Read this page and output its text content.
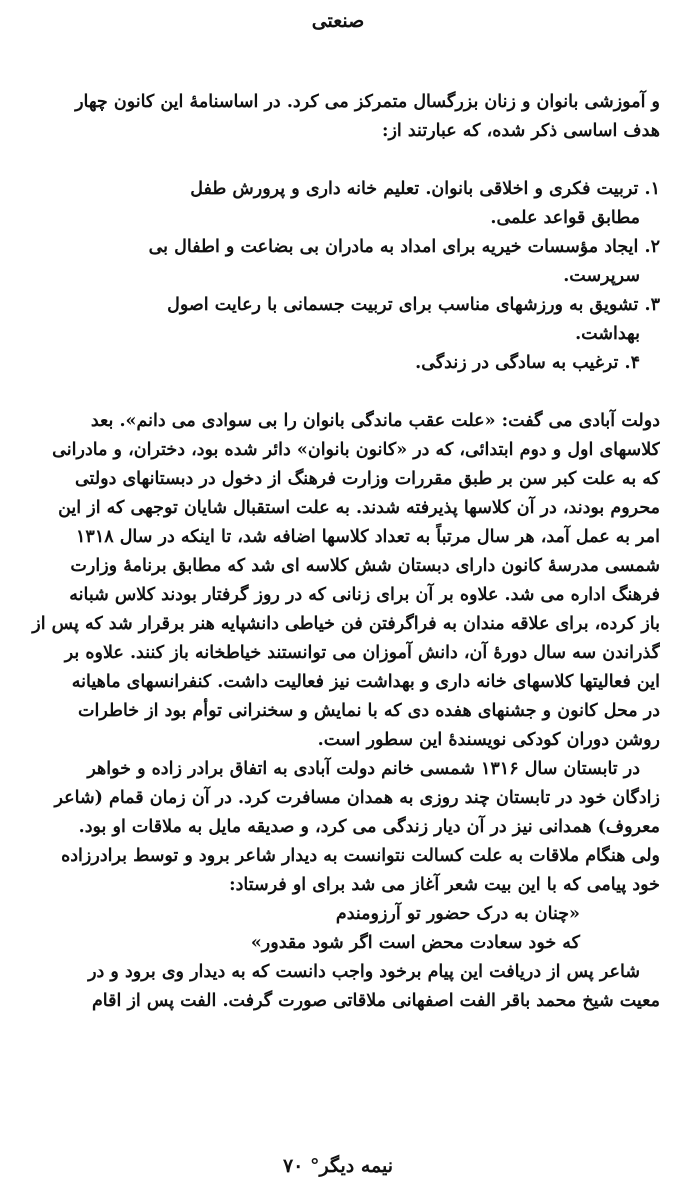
صنعتی
و آموزشی بانوان و زنان بزرگسال متمرکز می کرد. در اساسنامهٔ این کانون چهار
هدف اساسی ذکر شده، که عبارتند از:
۱. تربیت فکری و اخلاقی بانوان. تعلیم خانه داری و پرورش طفل
مطابق قواعد علمی.
۲. ایجاد مؤسسات خیریه برای امداد به مادران بی بضاعت و اطفال بی
سرپرست.
۳. تشویق به ورزشهای مناسب برای تربیت جسمانی با رعایت اصول
بهداشت.
۴. ترغیب به سادگی در زندگی.
دولت آبادی می گفت: «علت عقب ماندگی بانوان را بی سوادی می دانم». بعد
کلاسهای اول و دوم ابتدائی، که در «کانون بانوان» دائر شده بود، دختران، و مادرانی
که به علت کبر سن بر طبق مقررات وزارت فرهنگ از دخول در دبستانهای دولتی
محروم بودند، در آن کلاسها پذیرفته شدند. به علت استقبال شایان توجهی که از این
امر به عمل آمد، هر سال مرتباً به تعداد کلاسها اضافه شد، تا اینکه در سال ۱۳۱۸
شمسی مدرسهٔ کانون دارای دبستان شش کلاسه ای شد که مطابق برنامهٔ وزارت
فرهنگ اداره می شد. علاوه بر آن برای زنانی که در روز گرفتار بودند کلاس شبانه
باز کرده، برای علاقه مندان به فراگرفتن فن خیاطی دانشپایه هنر برقرار شد که پس از
گذراندن سه سال دورهٔ آن، دانش آموزان می توانستند خیاطخانه باز کنند. علاوه بر
این فعالیتها کلاسهای خانه داری و بهداشت نیز فعالیت داشت. کنفرانسهای ماهیانه
در محل کانون و جشنهای هفده دی که با نمایش و سخنرانی توأم بود از خاطرات
روشن دوران کودکی نویسندهٔ این سطور است.
در تابستان سال ۱۳۱۶ شمسی خانم دولت آبادی به اتفاق برادر زاده و خواهر
زادگان خود در تابستان چند روزی به همدان مسافرت کرد. در آن زمان قمام (شاعر
معروف) همدانی نیز در آن دیار زندگی می کرد، و صدیقه مایل به ملاقات او بود.
ولی هنگام ملاقات به علت کسالت نتوانست به دیدار شاعر برود و توسط برادرزاده
خود پیامی که با این بیت شعر آغاز می شد برای او فرستاد:
«چنان به درک حضور تو آرزومندم
که خود سعادت محض است اگر شود مقدور»
شاعر پس از دریافت این پیام برخود واجب دانست که به دیدار وی برود و در
معیت شیخ محمد باقر الفت اصفهانی ملاقاتی صورت گرفت. الفت پس از اقام
نیمه دیگر° ۷۰
